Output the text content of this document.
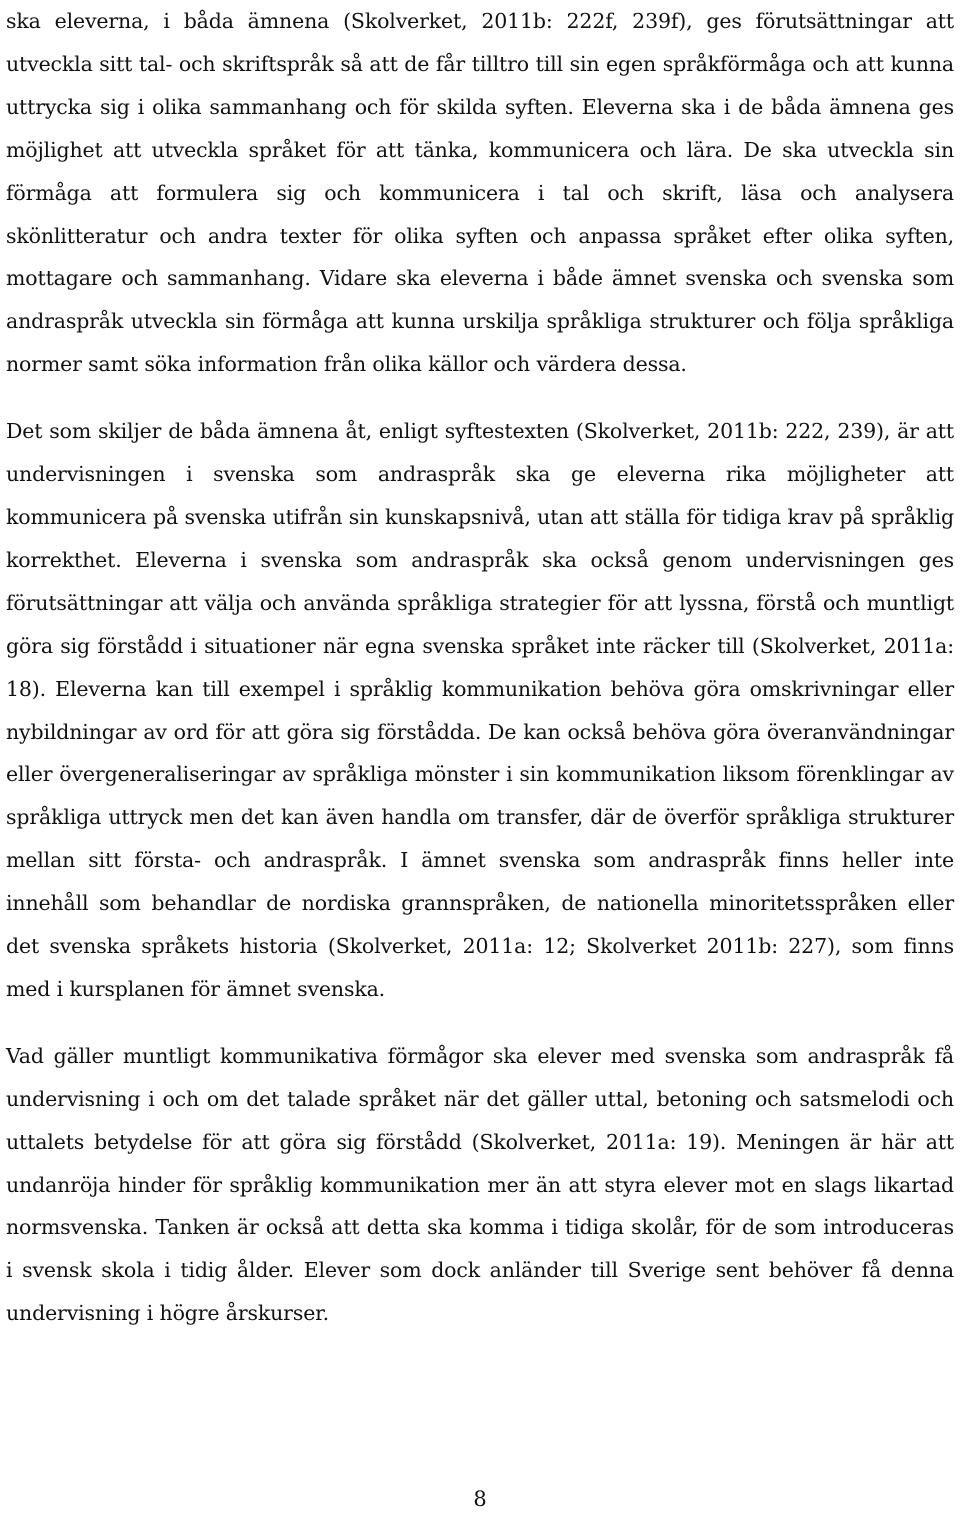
ska eleverna, i båda ämnena (Skolverket, 2011b: 222f, 239f), ges förutsättningar att utveckla sitt tal- och skriftspråk så att de får tilltro till sin egen språkförmåga och att kunna uttrycka sig i olika sammanhang och för skilda syften. Eleverna ska i de båda ämnena ges möjlighet att utveckla språket för att tänka, kommunicera och lära. De ska utveckla sin förmåga att formulera sig och kommunicera i tal och skrift, läsa och analysera skönlitteratur och andra texter för olika syften och anpassa språket efter olika syften, mottagare och sammanhang. Vidare ska eleverna i både ämnet svenska och svenska som andraspråk utveckla sin förmåga att kunna urskilja språkliga strukturer och följa språkliga normer samt söka information från olika källor och värdera dessa.

Det som skiljer de båda ämnena åt, enligt syftestexten (Skolverket, 2011b: 222, 239), är att undervisningen i svenska som andraspråk ska ge eleverna rika möjligheter att kommunicera på svenska utifrån sin kunskapsnivå, utan att ställa för tidiga krav på språklig korrekthet. Eleverna i svenska som andraspråk ska också genom undervisningen ges förutsättningar att välja och använda språkliga strategier för att lyssna, förstå och muntligt göra sig förstådd i situationer när egna svenska språket inte räcker till (Skolverket, 2011a: 18). Eleverna kan till exempel i språklig kommunikation behöva göra omskrivningar eller nybildningar av ord för att göra sig förstådda. De kan också behöva göra överanvändningar eller övergeneraliseringar av språkliga mönster i sin kommunikation liksom förenklingar av språkliga uttryck men det kan även handla om transfer, där de överför språkliga strukturer mellan sitt första- och andraspråk. I ämnet svenska som andraspråk finns heller inte innehåll som behandlar de nordiska grannspråken, de nationella minoritetsspråken eller det svenska språkets historia (Skolverket, 2011a: 12; Skolverket 2011b: 227), som finns med i kursplanen för ämnet svenska.

Vad gäller muntligt kommunikativa förmågor ska elever med svenska som andraspråk få undervisning i och om det talade språket när det gäller uttal, betoning och satsmelodi och uttalets betydelse för att göra sig förstådd (Skolverket, 2011a: 19). Meningen är här att undanröja hinder för språklig kommunikation mer än att styra elever mot en slags likartad normsvenska. Tanken är också att detta ska komma i tidiga skolår, för de som introduceras i svensk skola i tidig ålder. Elever som dock anländer till Sverige sent behöver få denna undervisning i högre årskurser.

8
